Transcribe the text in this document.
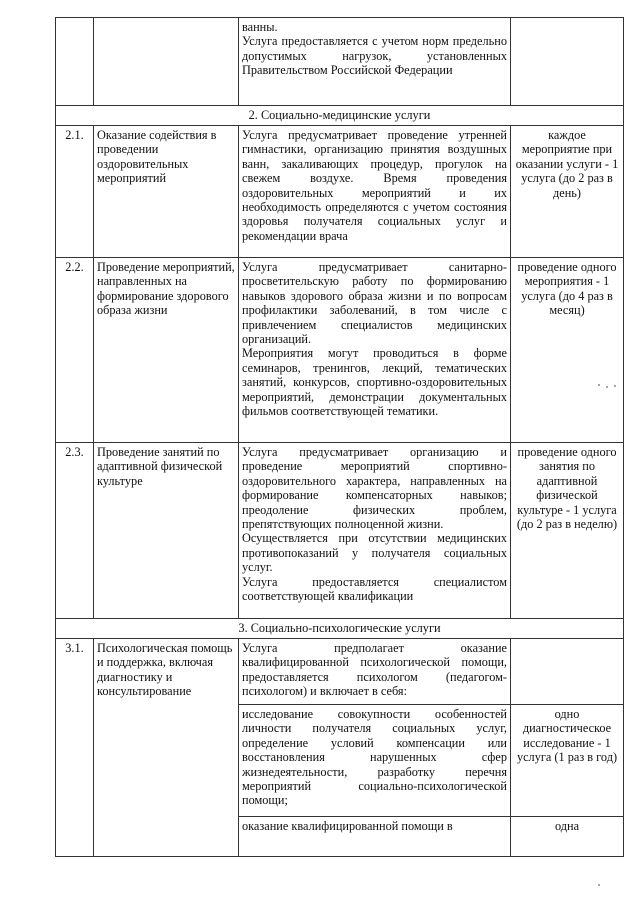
		ванны.
Услуга предоставляется с учетом норм предельно допустимых нагрузок, установленных Правительством Российской Федерации	

2. Социально-медицинские услуги			
2.1.	Оказание содействия в проведении оздоровительных мероприятий	Услуга предусматривает проведение утренней гимнастики, организацию принятия воздушных ванн, закаливающих процедур, прогулок на свежем воздухе. Время проведения оздоровительных мероприятий и их необходимость определяются с учетом состояния здоровья получателя социальных услуг и рекомендации врача	каждое мероприятие при оказании услуги - 1 услуга (до 2 раз в день)
2.2.	Проведение мероприятий, направленных на формирование здорового образа жизни	Услуга предусматривает санитарно-просветительскую работу по формированию навыков здорового образа жизни и по вопросам профилактики заболеваний, в том числе с привлечением специалистов медицинских организаций.
Мероприятия могут проводиться в форме семинаров, тренингов, лекций, тематических занятий, конкурсов, спортивно-оздоровительных мероприятий, демонстрации документальных фильмов соответствующей тематики.	проведение одного мероприятия - 1 услуга (до 4 раз в месяц)
2.3.	Проведение занятий по адаптивной физической культуре	Услуга предусматривает организацию и проведение мероприятий спортивно-оздоровительного характера, направленных на формирование компенсаторных навыков; преодоление физических проблем, препятствующих полноценной жизни.
Осуществляется при отсутствии медицинских противопоказаний у получателя социальных услуг.
Услуга предоставляется специалистом соответствующей квалификации	проведение одного занятия по адаптивной физической культуре - 1 услуга (до 2 раз в неделю)
3. Социально-психологические услуги			
3.1.	Психологическая помощь и поддержка, включая диагностику и консультирование	Услуга предполагает оказание квалифицированной психологической помощи, предоставляется психологом (педагогом-психологом) и включает в себя:	
		исследование совокупности особенностей личности получателя социальных услуг, определение условий компенсации или восстановления нарушенных сфер жизнедеятельности, разработку перечня мероприятий социально-психологической помощи;	одно диагностическое исследование - 1 услуга (1 раз в год)
		оказание квалифицированной помощи в	одна
